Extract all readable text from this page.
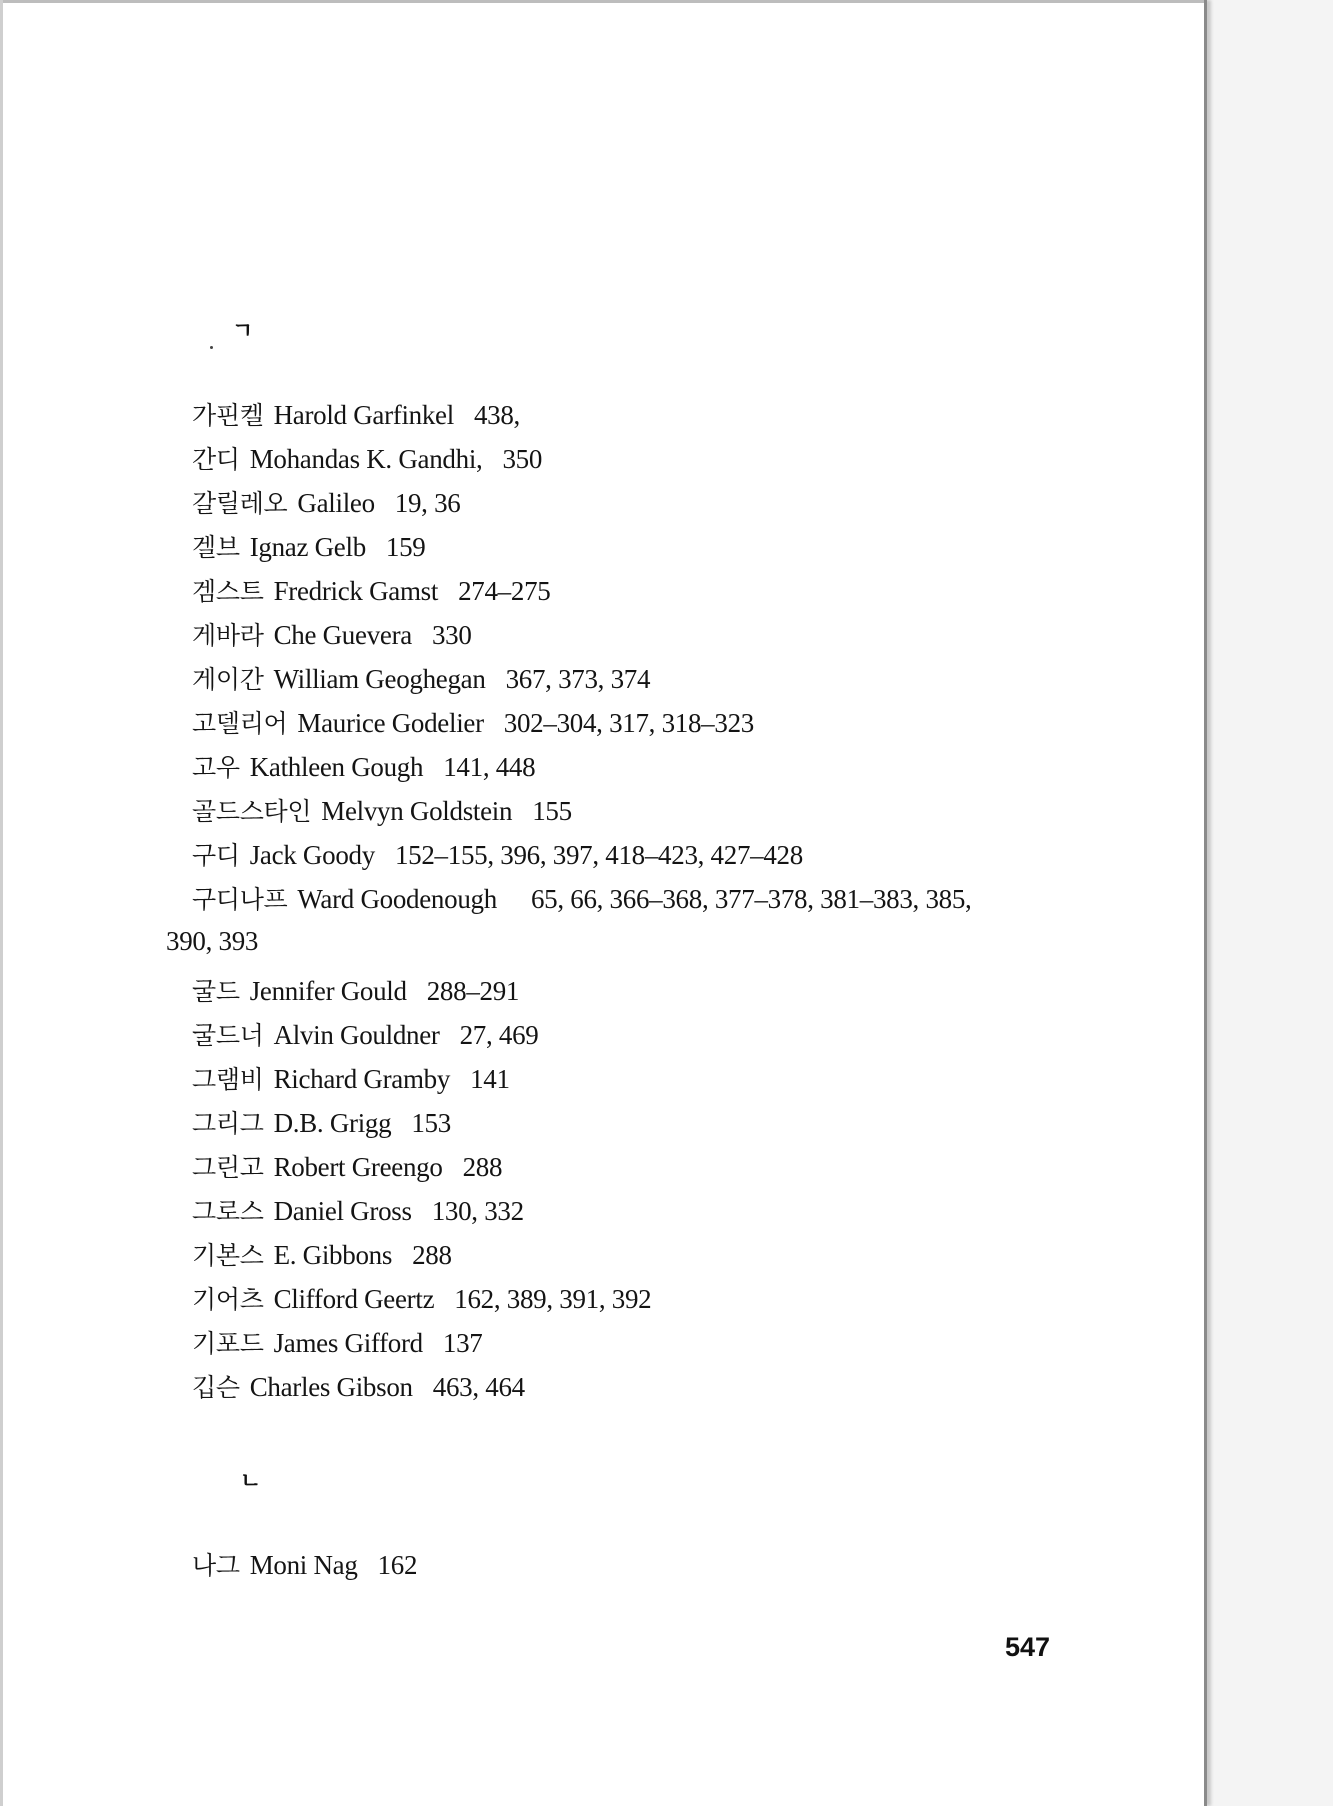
ㄱ
가핀켈 Harold Garfinkel 438,
간디 Mohandas K. Gandhi, 350
갈릴레오 Galileo 19, 36
겔브 Ignaz Gelb 159
겜스트 Fredrick Gamst 274–275
게바라 Che Guevera 330
게이간 William Geoghegan 367, 373, 374
고델리어 Maurice Godelier 302–304, 317, 318–323
고우 Kathleen Gough 141, 448
골드스타인 Melvyn Goldstein 155
구디 Jack Goody 152–155, 396, 397, 418–423, 427–428
구디나프 Ward Goodenough 65, 66, 366–368, 377–378, 381–383, 385,
390, 393
굴드 Jennifer Gould 288–291
굴드너 Alvin Gouldner 27, 469
그램비 Richard Gramby 141
그리그 D.B. Grigg 153
그린고 Robert Greengo 288
그로스 Daniel Gross 130, 332
기본스 E. Gibbons 288
기어츠 Clifford Geertz 162, 389, 391, 392
기포드 James Gifford 137
깁슨 Charles Gibson 463, 464
ㄴ
나그 Moni Nag 162
547
